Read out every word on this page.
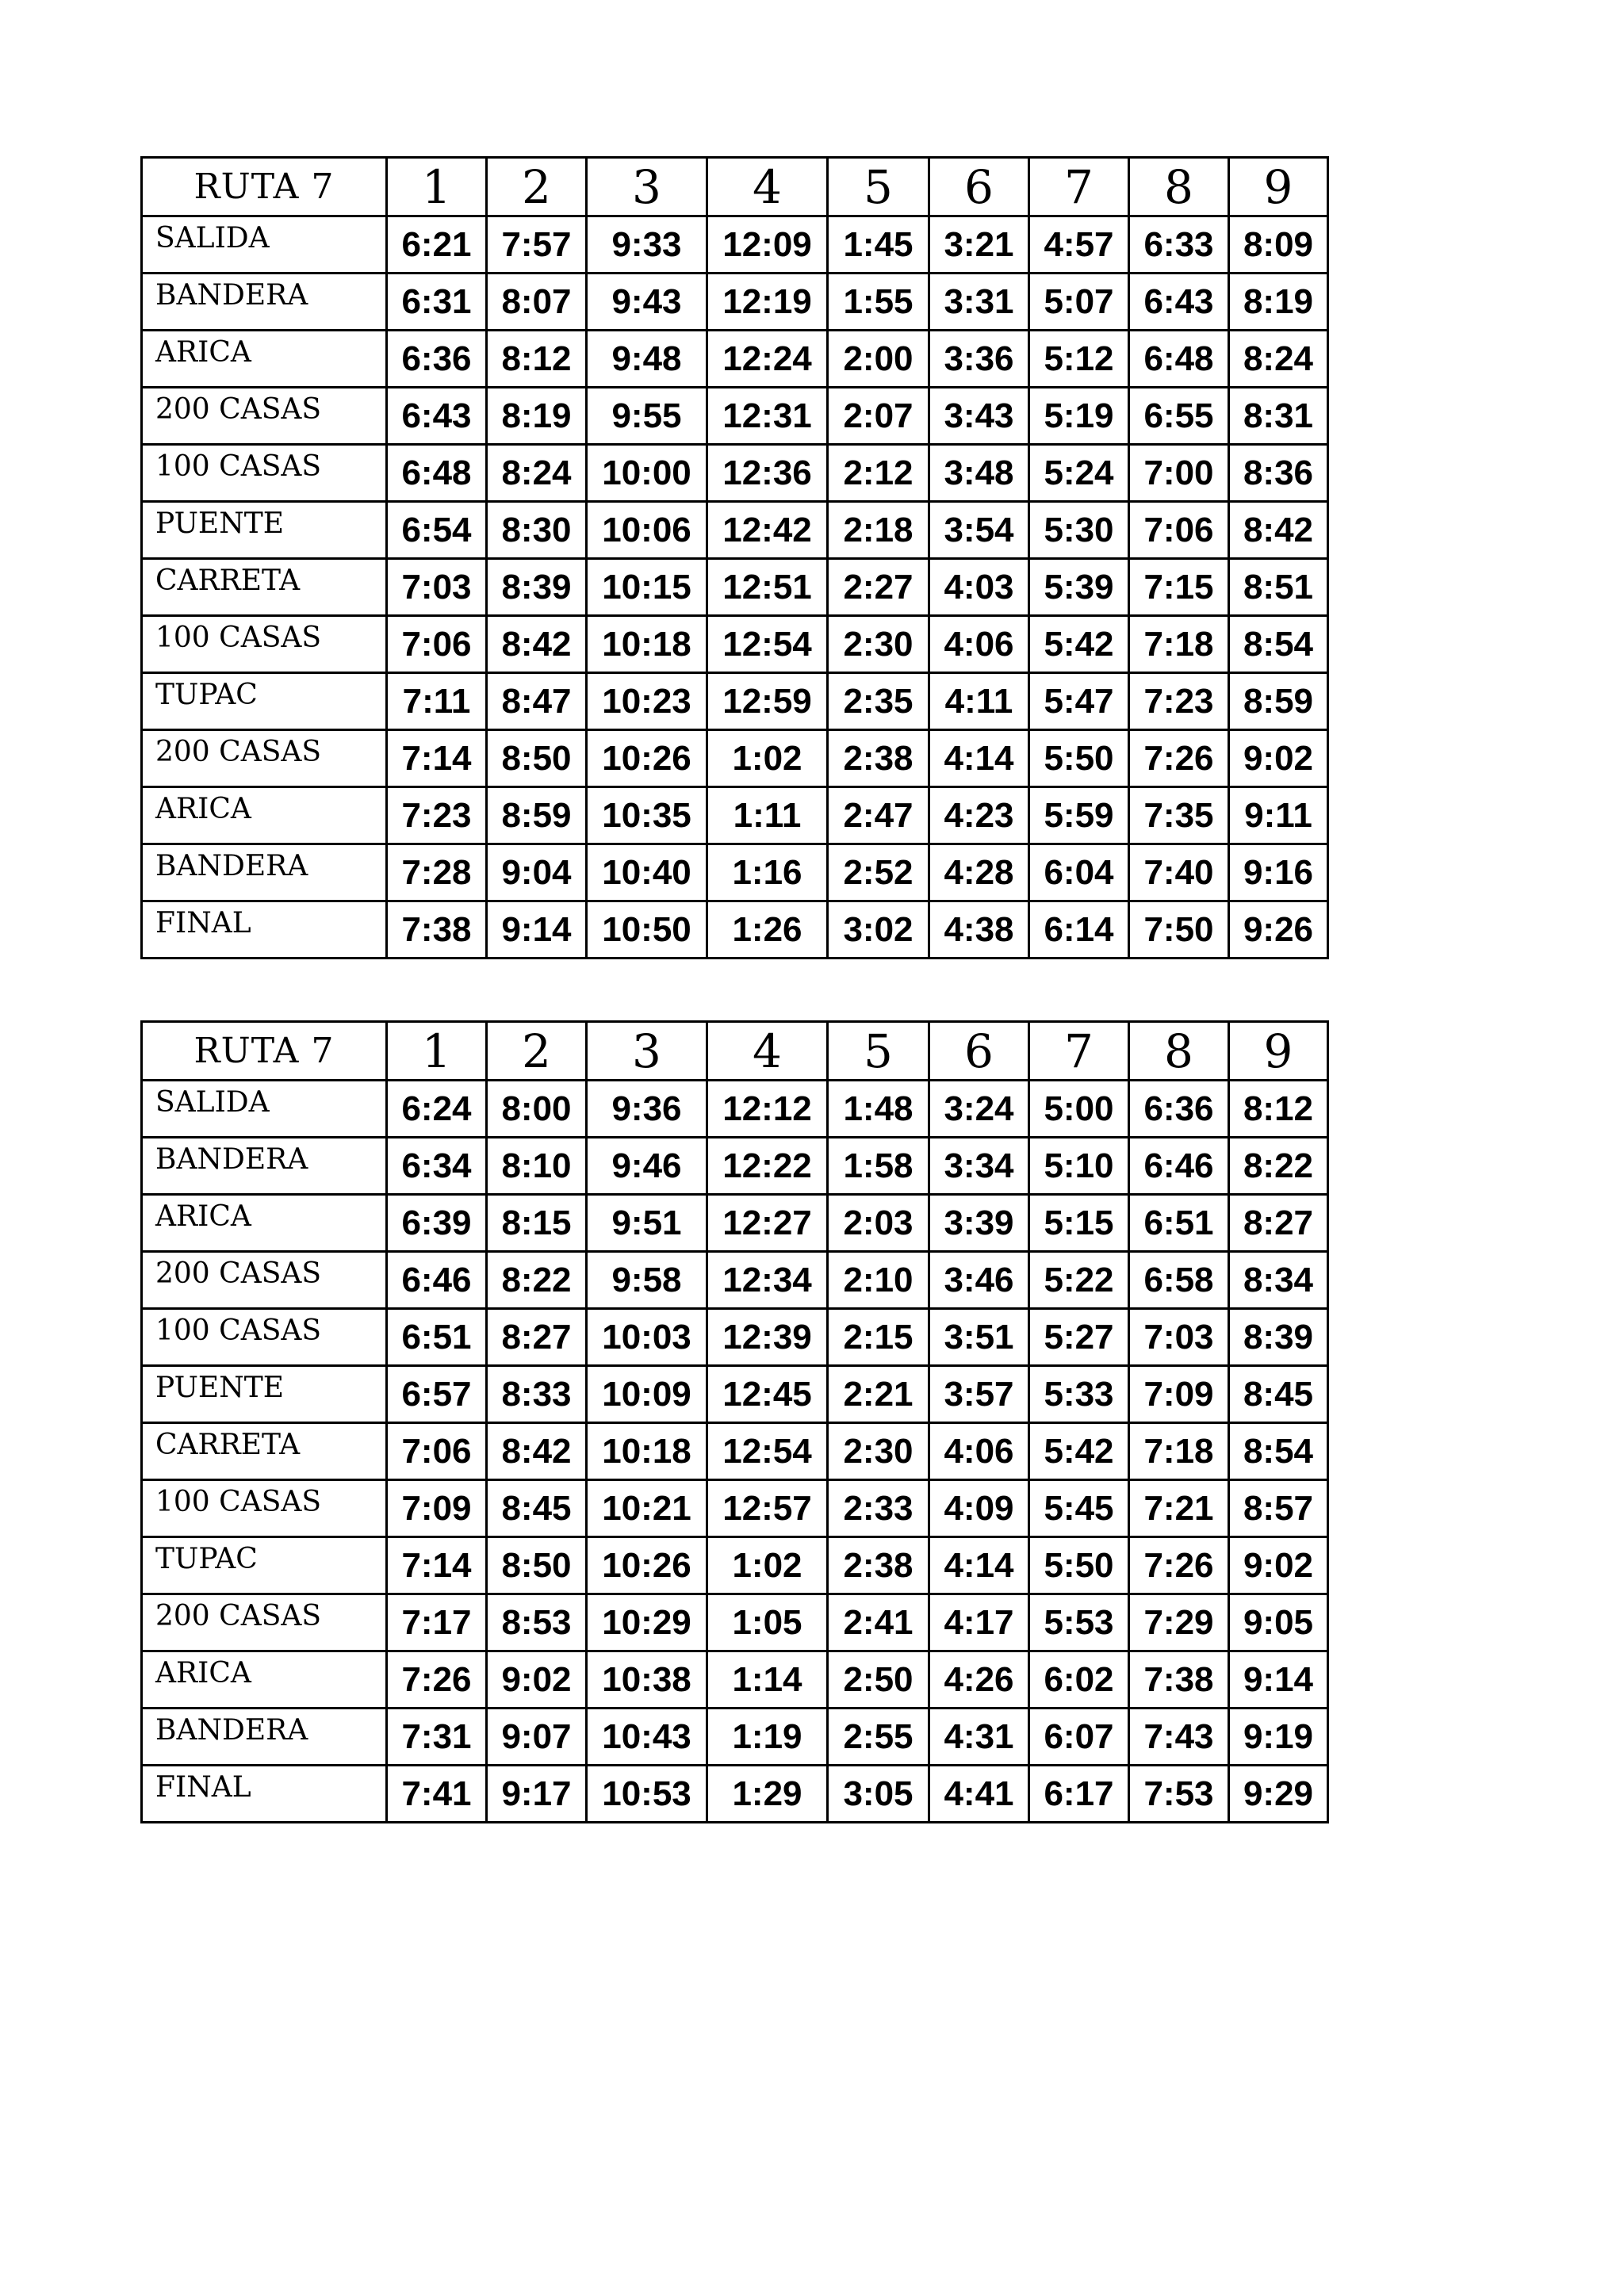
RUTA 7	1	2	3	4	5	6	7	8	9
SALIDA	6:21	7:57	9:33	12:09	1:45	3:21	4:57	6:33	8:09
BANDERA	6:31	8:07	9:43	12:19	1:55	3:31	5:07	6:43	8:19
ARICA	6:36	8:12	9:48	12:24	2:00	3:36	5:12	6:48	8:24
200 CASAS	6:43	8:19	9:55	12:31	2:07	3:43	5:19	6:55	8:31
100 CASAS	6:48	8:24	10:00	12:36	2:12	3:48	5:24	7:00	8:36
PUENTE	6:54	8:30	10:06	12:42	2:18	3:54	5:30	7:06	8:42
CARRETA	7:03	8:39	10:15	12:51	2:27	4:03	5:39	7:15	8:51
100 CASAS	7:06	8:42	10:18	12:54	2:30	4:06	5:42	7:18	8:54
TUPAC	7:11	8:47	10:23	12:59	2:35	4:11	5:47	7:23	8:59
200 CASAS	7:14	8:50	10:26	1:02	2:38	4:14	5:50	7:26	9:02
ARICA	7:23	8:59	10:35	1:11	2:47	4:23	5:59	7:35	9:11
BANDERA	7:28	9:04	10:40	1:16	2:52	4:28	6:04	7:40	9:16
FINAL	7:38	9:14	10:50	1:26	3:02	4:38	6:14	7:50	9:26
RUTA 7	1	2	3	4	5	6	7	8	9
SALIDA	6:24	8:00	9:36	12:12	1:48	3:24	5:00	6:36	8:12
BANDERA	6:34	8:10	9:46	12:22	1:58	3:34	5:10	6:46	8:22
ARICA	6:39	8:15	9:51	12:27	2:03	3:39	5:15	6:51	8:27
200 CASAS	6:46	8:22	9:58	12:34	2:10	3:46	5:22	6:58	8:34
100 CASAS	6:51	8:27	10:03	12:39	2:15	3:51	5:27	7:03	8:39
PUENTE	6:57	8:33	10:09	12:45	2:21	3:57	5:33	7:09	8:45
CARRETA	7:06	8:42	10:18	12:54	2:30	4:06	5:42	7:18	8:54
100 CASAS	7:09	8:45	10:21	12:57	2:33	4:09	5:45	7:21	8:57
TUPAC	7:14	8:50	10:26	1:02	2:38	4:14	5:50	7:26	9:02
200 CASAS	7:17	8:53	10:29	1:05	2:41	4:17	5:53	7:29	9:05
ARICA	7:26	9:02	10:38	1:14	2:50	4:26	6:02	7:38	9:14
BANDERA	7:31	9:07	10:43	1:19	2:55	4:31	6:07	7:43	9:19
FINAL	7:41	9:17	10:53	1:29	3:05	4:41	6:17	7:53	9:29
